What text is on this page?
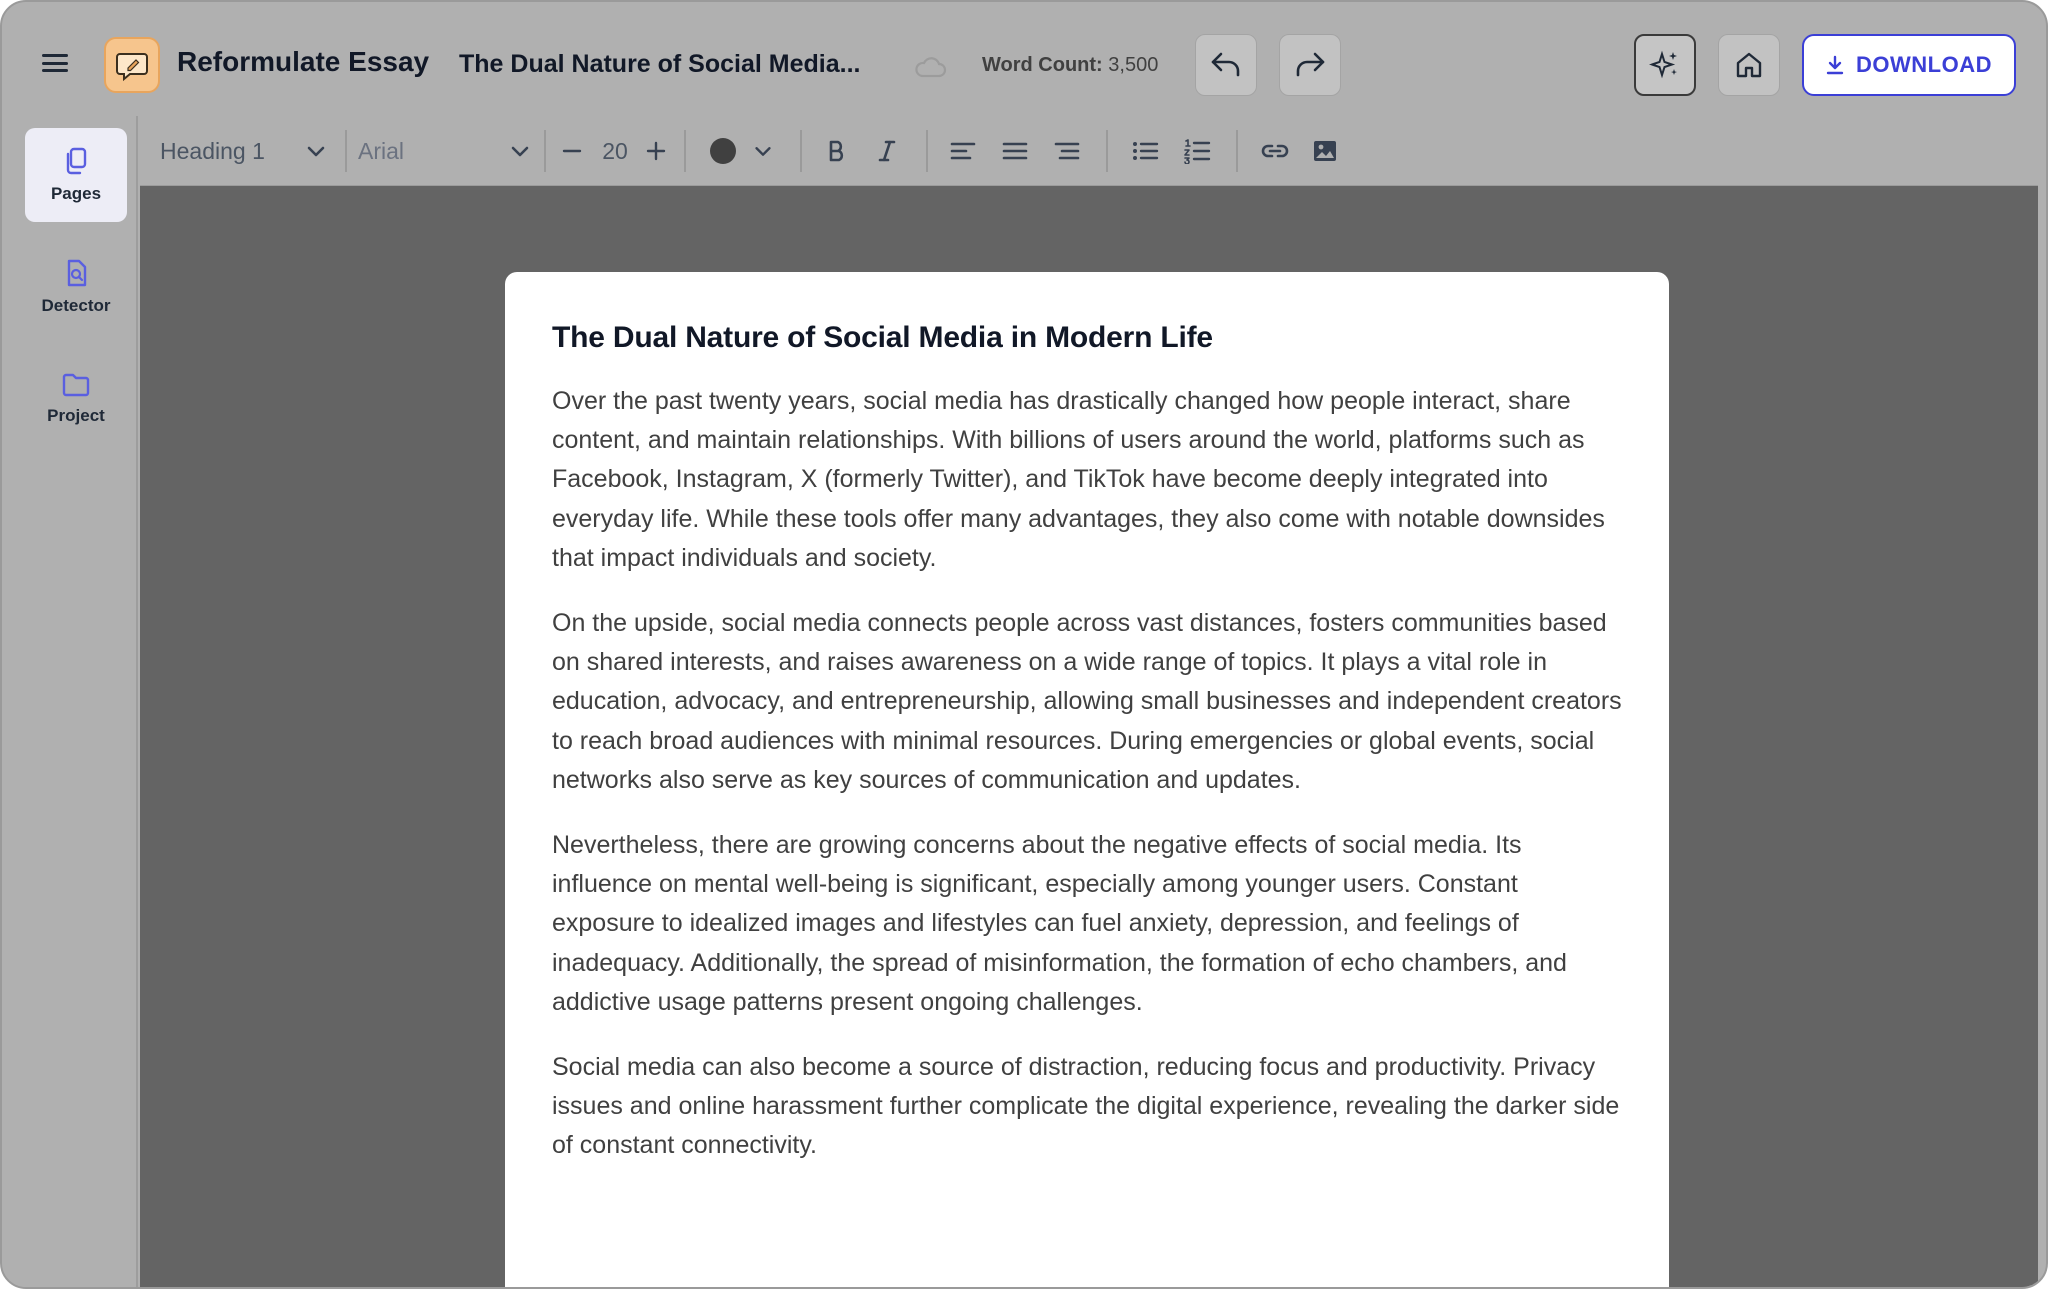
Reformulate Essay The Dual Nature of Social Media...	Word Count: 3,500	DOWNLOAD
Pages
Detector
Project
Heading 1	Arial	20
The Dual Nature of Social Media in Modern Life

Over the past twenty years, social media has drastically changed how people interact, share content, and maintain relationships. With billions of users around the world, platforms such as Facebook, Instagram, X (formerly Twitter), and TikTok have become deeply integrated into everyday life. While these tools offer many advantages, they also come with notable downsides that impact individuals and society.

On the upside, social media connects people across vast distances, fosters communities based on shared interests, and raises awareness on a wide range of topics. It plays a vital role in education, advocacy, and entrepreneurship, allowing small businesses and independent creators to reach broad audiences with minimal resources. During emergencies or global events, social networks also serve as key sources of communication and updates.

Nevertheless, there are growing concerns about the negative effects of social media. Its influence on mental well-being is significant, especially among younger users. Constant exposure to idealized images and lifestyles can fuel anxiety, depression, and feelings of inadequacy. Additionally, the spread of misinformation, the formation of echo chambers, and addictive usage patterns present ongoing challenges.

Social media can also become a source of distraction, reducing focus and productivity. Privacy issues and online harassment further complicate the digital experience, revealing the darker side of constant connectivity.
